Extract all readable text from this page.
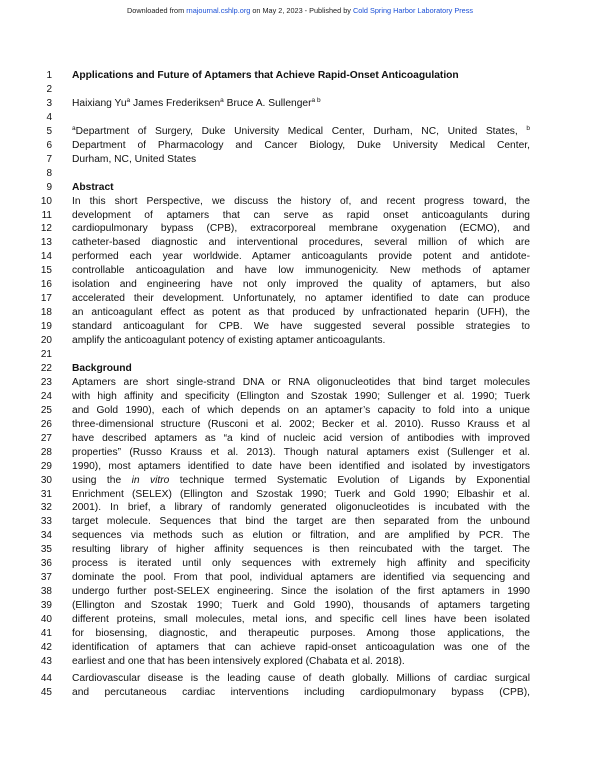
Downloaded from rnajournal.cshlp.org on May 2, 2023 - Published by Cold Spring Harbor Laboratory Press
1 Applications and Future of Aptamers that Achieve Rapid-Onset Anticoagulation
2
3 Haixiang Yu$^a$ James Frederiksen$^a$ Bruce A. Sullenger$^{a b}$
4
5	$^a$Department of Surgery, Duke University Medical Center, Durham, NC, United States, $^b$
6 Department of Pharmacology and Cancer Biology, Duke University Medical Center,
7 Durham, NC, United States
8
9 Abstract
10 In this short Perspective, we discuss the history of, and recent progress toward, the
11 development of aptamers that can serve as rapid onset anticoagulants during
12 cardiopulmonary bypass (CPB), extracorporeal membrane oxygenation (ECMO), and
13 catheter-based diagnostic and interventional procedures, several million of which are
14 performed each year worldwide. Aptamer anticoagulants provide potent and antidote-
15 controllable anticoagulation and have low immunogenicity. New methods of aptamer
16 isolation and engineering have not only improved the quality of aptamers, but also
17 accelerated their development. Unfortunately, no aptamer identified to date can produce
18 an anticoagulant effect as potent as that produced by unfractionated heparin (UFH), the
19 standard anticoagulant for CPB. We have suggested several possible strategies to
20 amplify the anticoagulant potency of existing aptamer anticoagulants.
21
22 Background
23 Aptamers are short single-strand DNA or RNA oligonucleotides that bind target molecules
24 with high affinity and specificity (Ellington and Szostak 1990; Sullenger et al. 1990; Tuerk
25 and Gold 1990), each of which depends on an aptamer’s capacity to fold into a unique
26 three-dimensional structure (Rusconi et al. 2002; Becker et al. 2010). Russo Krauss et al
27 have described aptamers as “a kind of nucleic acid version of antibodies with improved
28 properties” (Russo Krauss et al. 2013). Though natural aptamers exist (Sullenger et al.
29 1990), most aptamers identified to date have been identified and isolated by investigators
30 using the in vitro technique termed Systematic Evolution of Ligands by Exponential
31 Enrichment (SELEX) (Ellington and Szostak 1990; Tuerk and Gold 1990; Elbashir et al.
32 2001). In brief, a library of randomly generated oligonucleotides is incubated with the
33 target molecule. Sequences that bind the target are then separated from the unbound
34 sequences via methods such as elution or filtration, and are amplified by PCR. The
35 resulting library of higher affinity sequences is then reincubated with the target. The
36 process is iterated until only sequences with extremely high affinity and specificity
37 dominate the pool. From that pool, individual aptamers are identified via sequencing and
38 undergo further post-SELEX engineering. Since the isolation of the first aptamers in 1990
39 (Ellington and Szostak 1990; Tuerk and Gold 1990), thousands of aptamers targeting
40 different proteins, small molecules, metal ions, and specific cell lines have been isolated
41 for biosensing, diagnostic, and therapeutic purposes. Among those applications, the
42 identification of aptamers that can achieve rapid-onset anticoagulation was one of the
43 earliest and one that has been intensively explored (Chabata et al. 2018).
44 Cardiovascular disease is the leading cause of death globally. Millions of cardiac surgical
45 and percutaneous cardiac interventions including cardiopulmonary bypass (CPB),
